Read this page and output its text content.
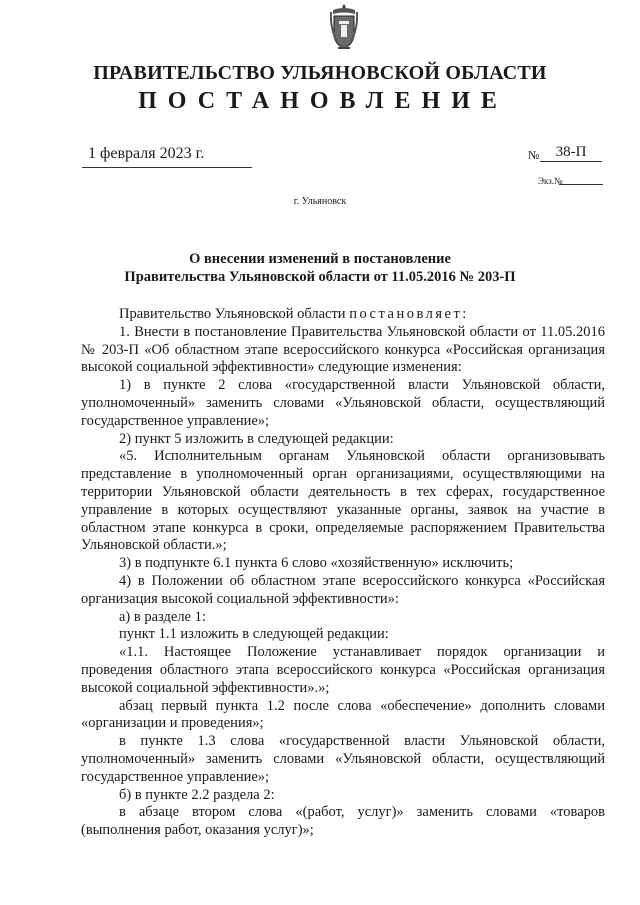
ПРАВИТЕЛЬСТВО УЛЬЯНОВСКОЙ ОБЛАСТИ
ПОСТАНОВЛЕНИЕ
1 февраля 2023 г.	№	38-П
Экз.№
г. Ульяновск
О внесении изменений в постановление
Правительства Ульяновской области от 11.05.2016 № 203-П

Правительство Ульяновской области постановляет:

1. Внести в постановление Правительства Ульяновской области от 11.05.2016 № 203-П «Об областном этапе всероссийского конкурса «Российская организация высокой социальной эффективности» следующие изменения:

1) в пункте 2 слова «государственной власти Ульяновской области, уполномоченный» заменить словами «Ульяновской области, осуществляющий государственное управление»;

2) пункт 5 изложить в следующей редакции:

«5. Исполнительным органам Ульяновской области организовывать представление в уполномоченный орган организациями, осуществляющими на территории Ульяновской области деятельность в тех сферах, государственное управление в которых осуществляют указанные органы, заявок на участие в областном этапе конкурса в сроки, определяемые распоряжением Правительства Ульяновской области.»;

3) в подпункте 6.1 пункта 6 слово «хозяйственную» исключить;

4) в Положении об областном этапе всероссийского конкурса «Российская организация высокой социальной эффективности»:

а) в разделе 1:

пункт 1.1 изложить в следующей редакции:

«1.1. Настоящее Положение устанавливает порядок организации и проведения областного этапа всероссийского конкурса «Российская организация высокой социальной эффективности».»;

абзац первый пункта 1.2 после слова «обеспечение» дополнить словами «организации и проведения»;

в пункте 1.3 слова «государственной власти Ульяновской области, уполномоченный» заменить словами «Ульяновской области, осуществляющий государственное управление»;

б) в пункте 2.2 раздела 2:

в абзаце втором слова «(работ, услуг)» заменить словами «товаров (выполнения работ, оказания услуг)»;
